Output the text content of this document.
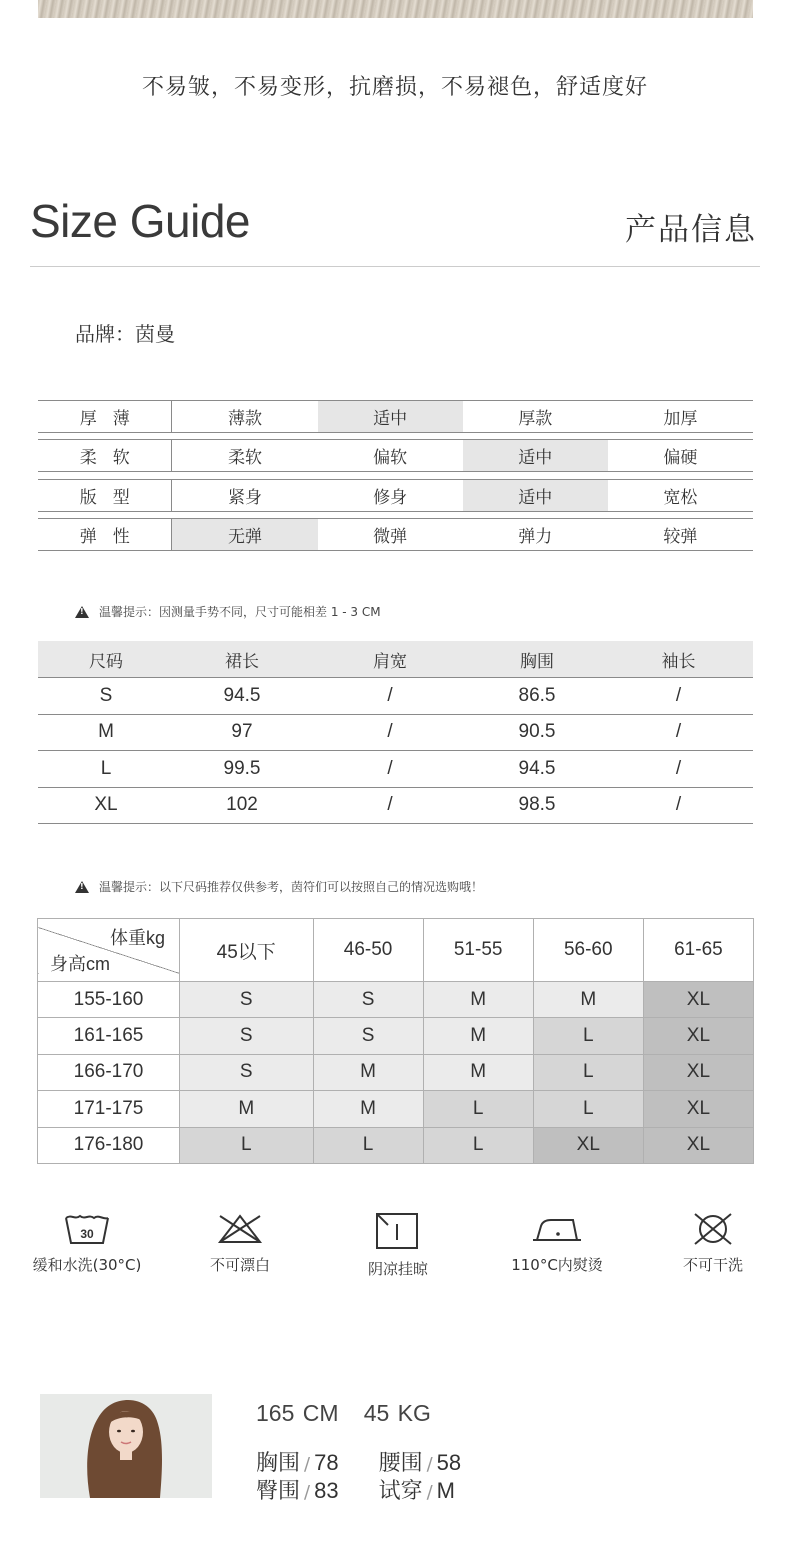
不易皱，不易变形，抗磨损，不易褪色，舒适度好
Size Guide	产品信息
品牌：茵曼
厚薄	薄款	适中	厚款	加厚
柔软	柔软	偏软	适中	偏硬
版型	紧身	修身	适中	宽松
弹性	无弹	微弹	弹力	较弹
!
温馨提示：因测量手势不同，尺寸可能相差 1 - 3 CM
尺码	裙长	肩宽	胸围	袖长
S	94.5	/	86.5	/
M	97	/	90.5	/
L	99.5	/	94.5	/
XL	102	/	98.5	/
!
温馨提示：以下尺码推荐仅供参考，茵符们可以按照自己的情况选购哦！
体重kg
身高cm	45以下	46-50	51-55	56-60	61-65
155-160	S	S	M	M	XL
161-165	S	S	M	L	XL
166-170	S	M	M	L	XL
171-175	M	M	L	L	XL
176-180	L	L	L	XL	XL
30
缓和水洗(30°C)	不可漂白	阴凉挂晾	110°C内熨烫	不可干洗
165 CM   45 KG
胸围 / 78 腰围 / 58
臀围 / 83 试穿 / M
